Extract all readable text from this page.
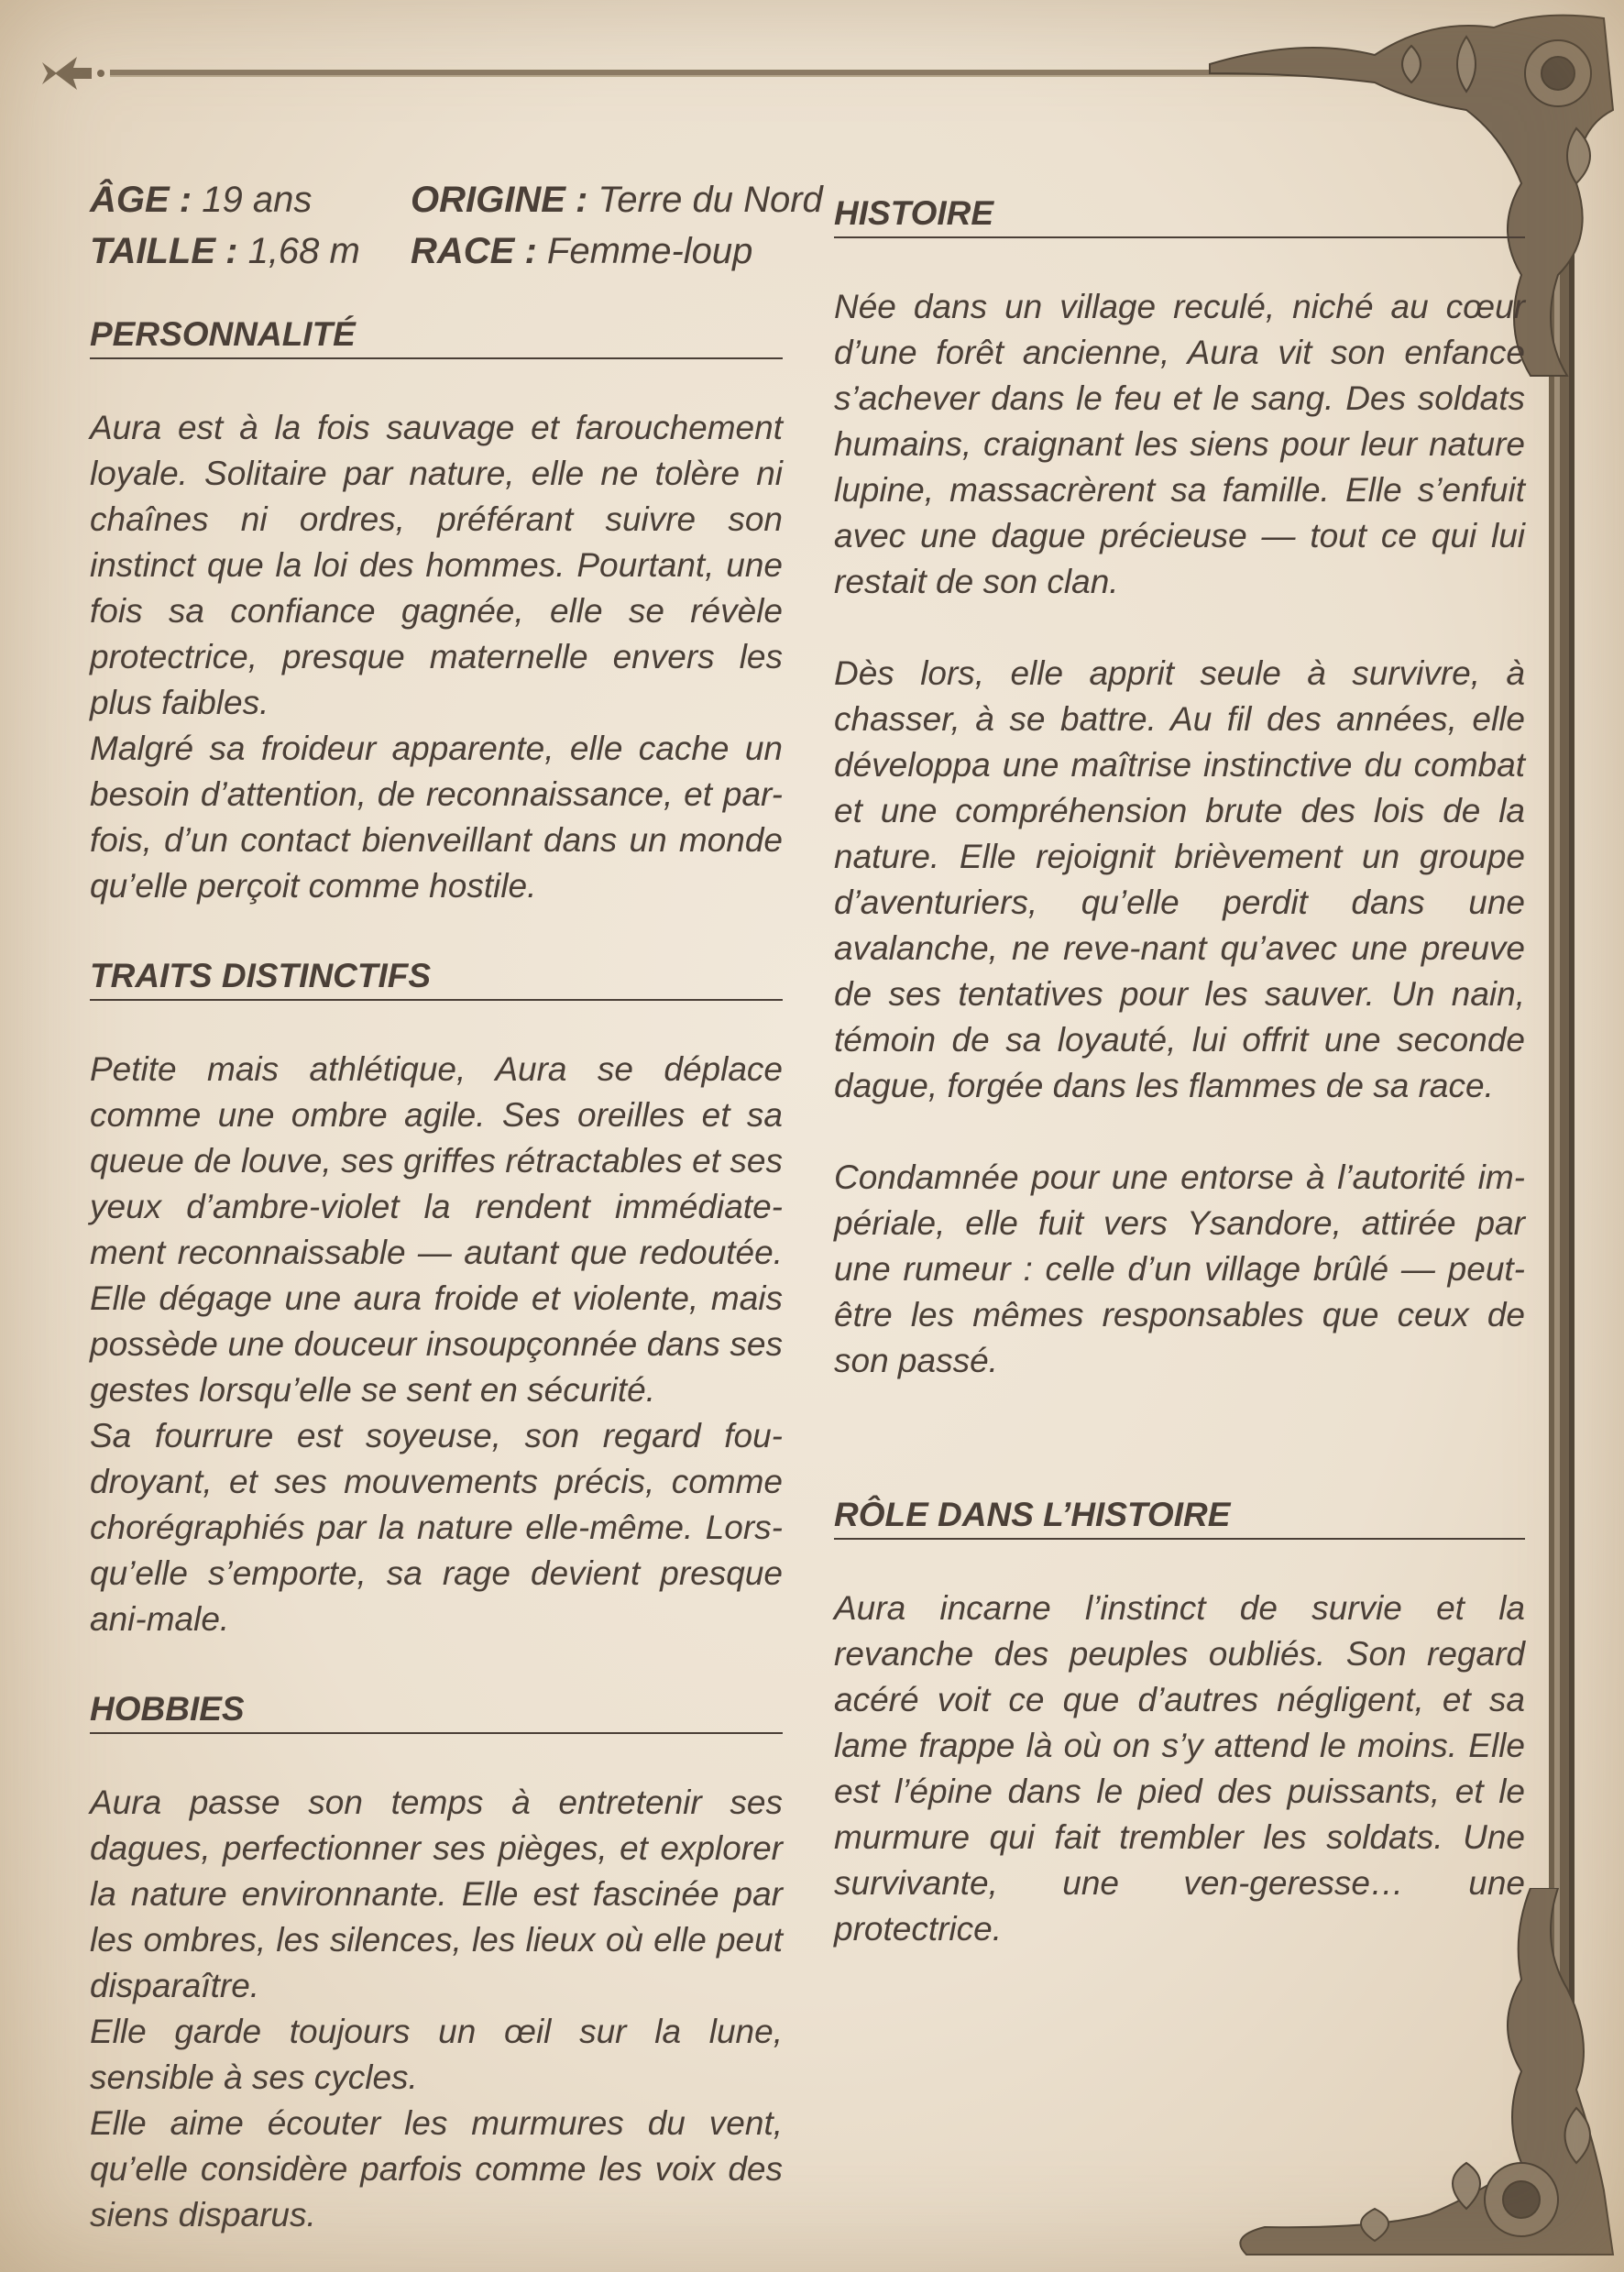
ÂGE : 19 ans	ORIGINE : Terre du Nord
TAILLE : 1,68 m RACE : Femme-loup
PERSONNALITÉ

Aura est à la fois sauvage et farouchement loyale. Solitaire par nature, elle ne tolère ni chaînes ni ordres, préférant suivre son instinct que la loi des hommes. Pourtant, une fois sa confiance gagnée, elle se révèle protectrice, presque maternelle envers les plus faibles.

Malgré sa froideur apparente, elle cache un besoin d’attention, de reconnaissance, et par-fois, d’un contact bienveillant dans un monde qu’elle perçoit comme hostile.

TRAITS DISTINCTIFS

Petite mais athlétique, Aura se déplace comme une ombre agile. Ses oreilles et sa queue de louve, ses griffes rétractables et ses yeux d’ambre-violet la rendent immédiate-ment reconnaissable — autant que redoutée. Elle dégage une aura froide et violente, mais possède une douceur insoupçonnée dans ses gestes lorsqu’elle se sent en sécurité.

Sa fourrure est soyeuse, son regard fou-droyant, et ses mouvements précis, comme chorégraphiés par la nature elle-même. Lors-qu’elle s’emporte, sa rage devient presque ani-male.

HOBBIES

Aura passe son temps à entretenir ses dagues, perfectionner ses pièges, et explorer la nature environnante. Elle est fascinée par les ombres, les silences, les lieux où elle peut disparaître.

Elle garde toujours un œil sur la lune, sensible à ses cycles.

Elle aime écouter les murmures du vent, qu’elle considère parfois comme les voix des siens disparus.

HISTOIRE

Née dans un village reculé, niché au cœur d’une forêt ancienne, Aura vit son enfance s’achever dans le feu et le sang. Des soldats humains, craignant les siens pour leur nature lupine, massacrèrent sa famille. Elle s’enfuit avec une dague précieuse — tout ce qui lui restait de son clan.

Dès lors, elle apprit seule à survivre, à chasser, à se battre. Au fil des années, elle développa une maîtrise instinctive du combat et une compréhension brute des lois de la nature. Elle rejoignit brièvement un groupe d’aventuriers, qu’elle perdit dans une avalanche, ne reve-nant qu’avec une preuve de ses tentatives pour les sauver. Un nain, témoin de sa loyauté, lui offrit une seconde dague, forgée dans les flammes de sa race.

Condamnée pour une entorse à l’autorité im-périale, elle fuit vers Ysandore, attirée par une rumeur : celle d’un village brûlé — peut-être les mêmes responsables que ceux de son passé.

RÔLE DANS L’HISTOIRE

Aura incarne l’instinct de survie et la revanche des peuples oubliés. Son regard acéré voit ce que d’autres négligent, et sa lame frappe là où on s’y attend le moins. Elle est l’épine dans le pied des puissants, et le murmure qui fait trembler les soldats. Une survivante, une ven-geresse… une protectrice.
